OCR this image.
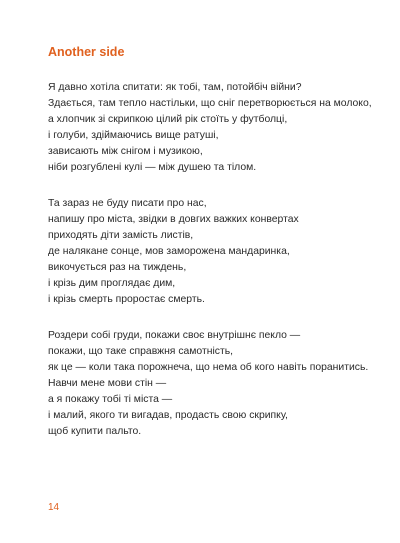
Another side
Я давно хотіла спитати: як тобі, там, потойбіч війни?
Здається, там тепло настільки, що сніг перетворюється на молоко,
а хлопчик зі скрипкою цілий рік стоїть у футболці,
і голуби, здіймаючись вище ратуші,
зависають між снігом і музикою,
ніби розгублені кулі — між душею та тілом.
Та зараз не буду писати про нас,
напишу про міста, звідки в довгих важких конвертах
приходять діти замість листів,
де налякане сонце, мов заморожена мандаринка,
викочується раз на тиждень,
і крізь дим проглядає дим,
і крізь смерть проростає смерть.
Роздери собі груди, покажи своє внутрішнє пекло —
покажи, що таке справжня самотність,
як це — коли така порожнеча, що нема об кого навіть поранитись.
Навчи мене мови стін —
а я покажу тобі ті міста —
і малий, якого ти вигадав, продасть свою скрипку,
щоб купити пальто.
14
